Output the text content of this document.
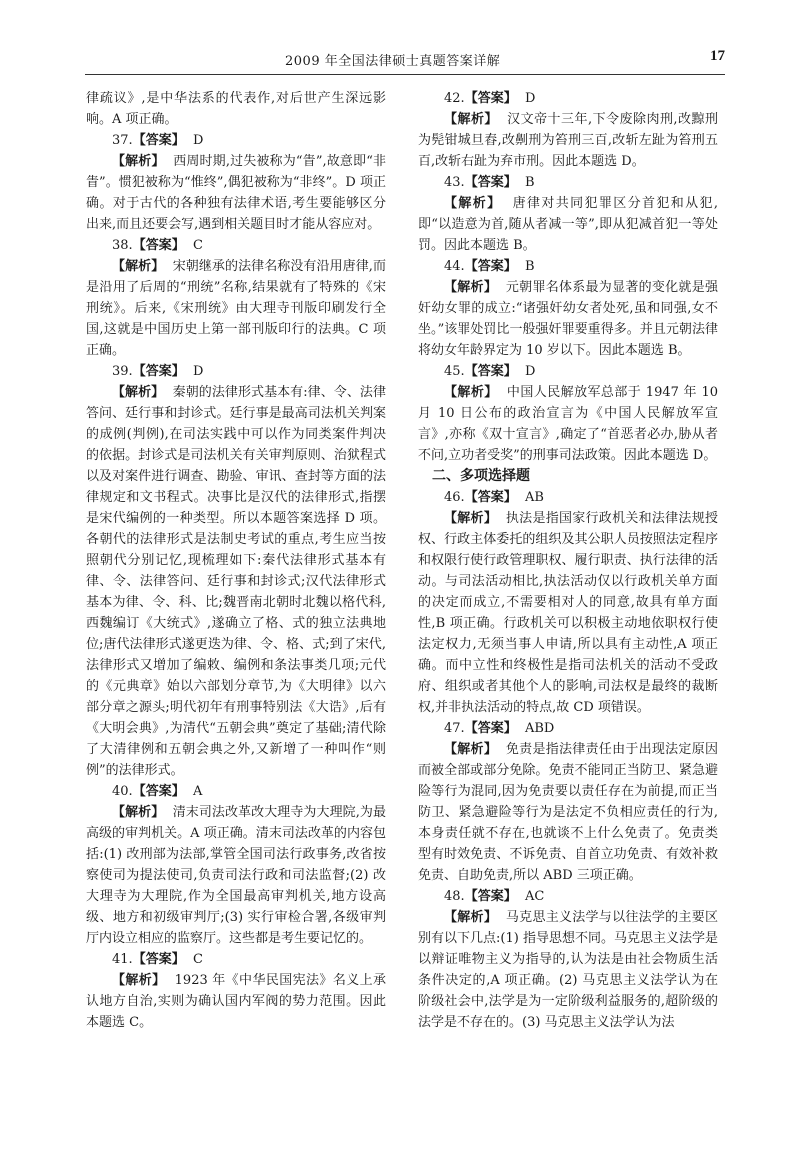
2009 年全国法律硕士真题答案详解	17

律疏议》,是中华法系的代表作,对后世产生深远影响。A 项正确。

37.【答案】 D

【解析】 西周时期,过失被称为“眚”,故意即“非眚”。惯犯被称为“惟终”,偶犯被称为“非终”。D 项正确。对于古代的各种独有法律术语,考生要能够区分出来,而且还要会写,遇到相关题目时才能从容应对。

38.【答案】 C

【解析】 宋朝继承的法律名称没有沿用唐律,而是沿用了后周的“刑统”名称,结果就有了特殊的《宋刑统》。后来,《宋刑统》由大理寺刊版印刷发行全国,这就是中国历史上第一部刊版印行的法典。C 项正确。

39.【答案】 D

【解析】 秦朝的法律形式基本有:律、令、法律答问、廷行事和封诊式。廷行事是最高司法机关判案的成例(判例),在司法实践中可以作为同类案件判决的依据。封诊式是司法机关有关审判原则、治狱程式以及对案件进行调查、勘验、审讯、查封等方面的法律规定和文书程式。决事比是汉代的法律形式,指摆是宋代编例的一种类型。所以本题答案选择 D 项。各朝代的法律形式是法制史考试的重点,考生应当按照朝代分别记忆,现梳理如下:秦代法律形式基本有律、令、法律答问、廷行事和封诊式;汉代法律形式基本为律、令、科、比;魏晋南北朝时北魏以格代科,西魏编订《大统式》,遂确立了格、式的独立法典地位;唐代法律形式遂更迭为律、令、格、式;到了宋代,法律形式又增加了编敕、编例和条法事类几项;元代的《元典章》始以六部划分章节,为《大明律》以六部分章之源头;明代初年有刑事特别法《大诰》,后有《大明会典》,为清代“五朝会典”奠定了基础;清代除了大清律例和五朝会典之外,又新增了一种叫作“则例”的法律形式。

40.【答案】 A

【解析】 清末司法改革改大理寺为大理院,为最高级的审判机关。A 项正确。清末司法改革的内容包括:(1) 改刑部为法部,掌管全国司法行政事务,改省按察使司为提法使司,负责司法行政和司法监督;(2) 改大理寺为大理院,作为全国最高审判机关,地方设高级、地方和初级审判厅;(3) 实行审检合署,各级审判厅内设立相应的监察厅。这些都是考生要记忆的。

41.【答案】 C

【解析】 1923 年《中华民国宪法》名义上承认地方自治,实则为确认国内军阀的势力范围。因此本题选 C。

42.【答案】 D

【解析】 汉文帝十三年,下令废除肉刑,改黥刑为髡钳城旦舂,改劓刑为笞刑三百,改斩左趾为笞刑五百,改斩右趾为弃市刑。因此本题选 D。

43.【答案】 B

【解析】 唐律对共同犯罪区分首犯和从犯,即“以造意为首,随从者减一等”,即从犯减首犯一等处罚。因此本题选 B。

44.【答案】 B

【解析】 元朝罪名体系最为显著的变化就是强奸幼女罪的成立:“诸强奸幼女者处死,虽和同强,女不坐。”该罪处罚比一般强奸罪要重得多。并且元朝法律将幼女年龄界定为 10 岁以下。因此本题选 B。

45.【答案】 D

【解析】 中国人民解放军总部于 1947 年 10 月 10 日公布的政治宣言为《中国人民解放军宣言》,亦称《双十宣言》,确定了“首恶者必办,胁从者不问,立功者受奖”的刑事司法政策。因此本题选 D。

二、多项选择题

46.【答案】 AB

【解析】 执法是指国家行政机关和法律法规授权、行政主体委托的组织及其公职人员按照法定程序和权限行使行政管理职权、履行职责、执行法律的活动。与司法活动相比,执法活动仅以行政机关单方面的决定而成立,不需要相对人的同意,故具有单方面性,B 项正确。行政机关可以积极主动地依职权行使法定权力,无须当事人申请,所以具有主动性,A 项正确。而中立性和终极性是指司法机关的活动不受政府、组织或者其他个人的影响,司法权是最终的裁断权,并非执法活动的特点,故 CD 项错误。

47.【答案】 ABD

【解析】 免责是指法律责任由于出现法定原因而被全部或部分免除。免责不能同正当防卫、紧急避险等行为混同,因为免责要以责任存在为前提,而正当防卫、紧急避险等行为是法定不负相应责任的行为,本身责任就不存在,也就谈不上什么免责了。免责类型有时效免责、不诉免责、自首立功免责、有效补救免责、自助免责,所以 ABD 三项正确。

48.【答案】 AC

【解析】 马克思主义法学与以往法学的主要区别有以下几点:(1) 指导思想不同。马克思主义法学是以辩证唯物主义为指导的,认为法是由社会物质生活条件决定的,A 项正确。(2) 马克思主义法学认为在阶级社会中,法学是为一定阶级利益服务的,超阶级的法学是不存在的。(3) 马克思主义法学认为法
